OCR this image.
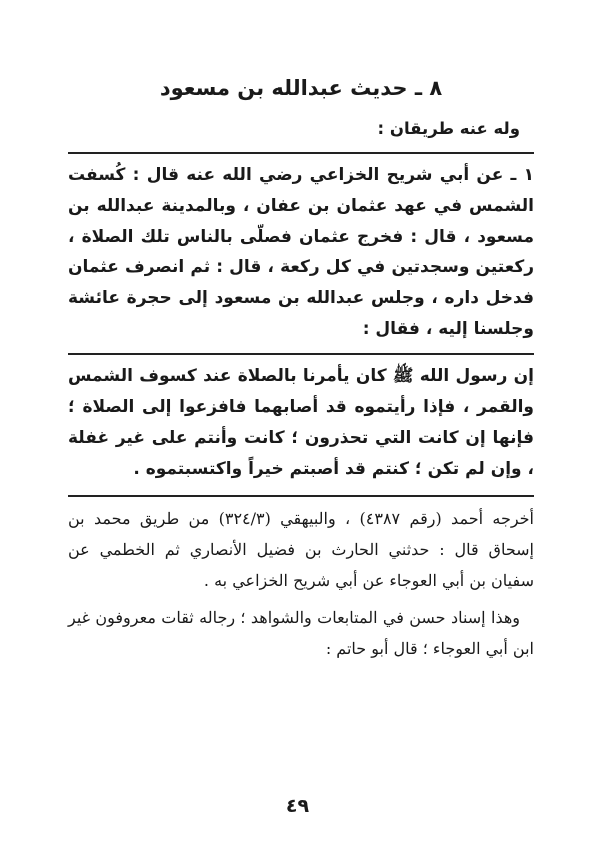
٨ ـ حديث عبدالله بن مسعود

وله عنه طريقان :

١ ـ عن أبي شريح الخزاعي رضي الله عنه قال : كُسفت الشمس في عهد عثمان بن عفان ، وبالمدينة عبدالله بن مسعود ، قال : فخرج عثمان فصلّى بالناس تلك الصلاة ، ركعتين وسجدتين في كل ركعة ، قال : ثم انصرف عثمان فدخل داره ، وجلس عبدالله بن مسعود إلى حجرة عائشة وجلسنا إليه ، فقال :

إن رسول الله ﷺ كان يأمرنا بالصلاة عند كسوف الشمس والقمر ، فإذا رأيتموه قد أصابهما فافزعوا إلى الصلاة ؛ فإنها إن كانت التي تحذرون ؛ كانت وأنتم على غير غفلة ، وإن لم تكن ؛ كنتم قد أصبتم خيراً واكتسبتموه .

أخرجه أحمد (رقم ٤٣٨٧) ، والبيهقي (٣٢٤/٣) من طريق محمد بن إسحاق قال : حدثني الحارث بن فضيل الأنصاري ثم الخطمي عن سفيان بن أبي العوجاء عن أبي شريح الخزاعي به .

وهذا إسناد حسن في المتابعات والشواهد ؛ رجاله ثقات معروفون غير ابن أبي العوجاء ؛ قال أبو حاتم :

٤٩
